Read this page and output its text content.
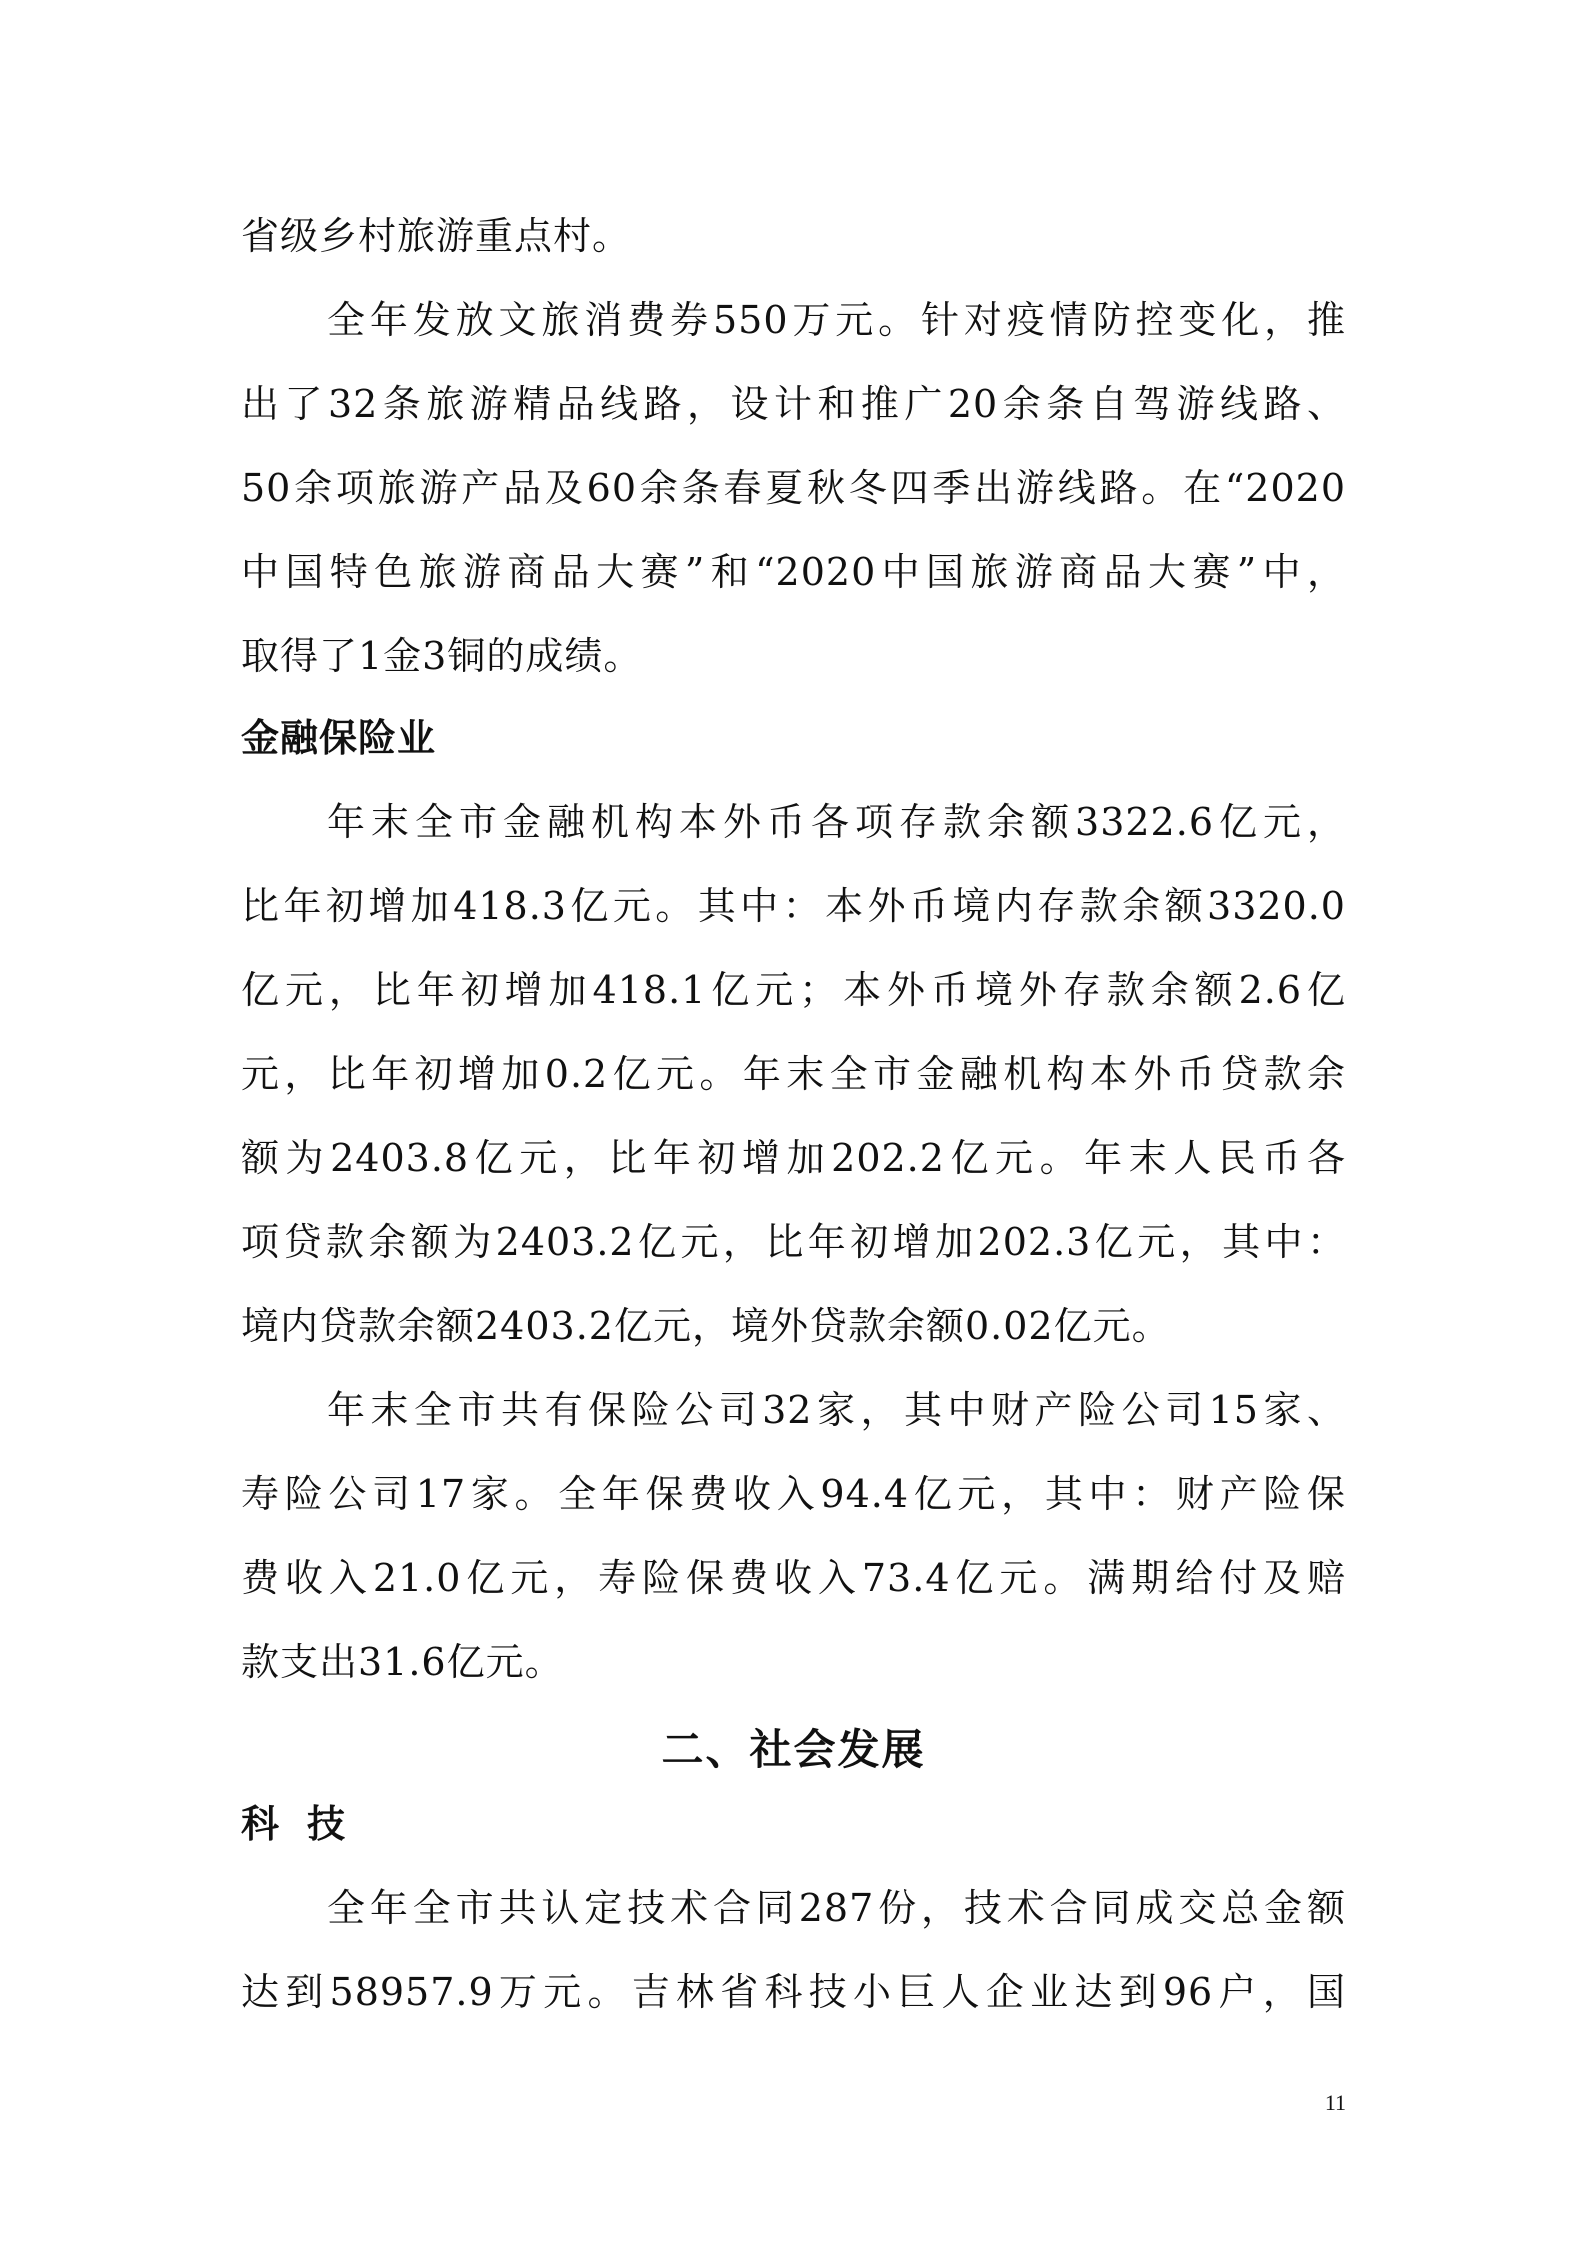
省级乡村旅游重点村。
全年发放文旅消费券550万元。针对疫情防控变化，推
出了32条旅游精品线路，设计和推广20余条自驾游线路、
50余项旅游产品及60余条春夏秋冬四季出游线路。在“2020
中国特色旅游商品大赛”和“2020中国旅游商品大赛”中，
取得了1金3铜的成绩。
金融保险业
年末全市金融机构本外币各项存款余额3322.6亿元，
比年初增加418.3亿元。其中：本外币境内存款余额3320.0
亿元，比年初增加418.1亿元；本外币境外存款余额2.6亿
元，比年初增加0.2亿元。年末全市金融机构本外币贷款余
额为2403.8亿元，比年初增加202.2亿元。年末人民币各
项贷款余额为2403.2亿元，比年初增加202.3亿元，其中：
境内贷款余额2403.2亿元，境外贷款余额0.02亿元。
年末全市共有保险公司32家，其中财产险公司15家、
寿险公司17家。全年保费收入94.4亿元，其中：财产险保
费收入21.0亿元，寿险保费收入73.4亿元。满期给付及赔
款支出31.6亿元。
二、社会发展
科技
全年全市共认定技术合同287份，技术合同成交总金额
达到58957.9万元。吉林省科技小巨人企业达到96户，国
11
